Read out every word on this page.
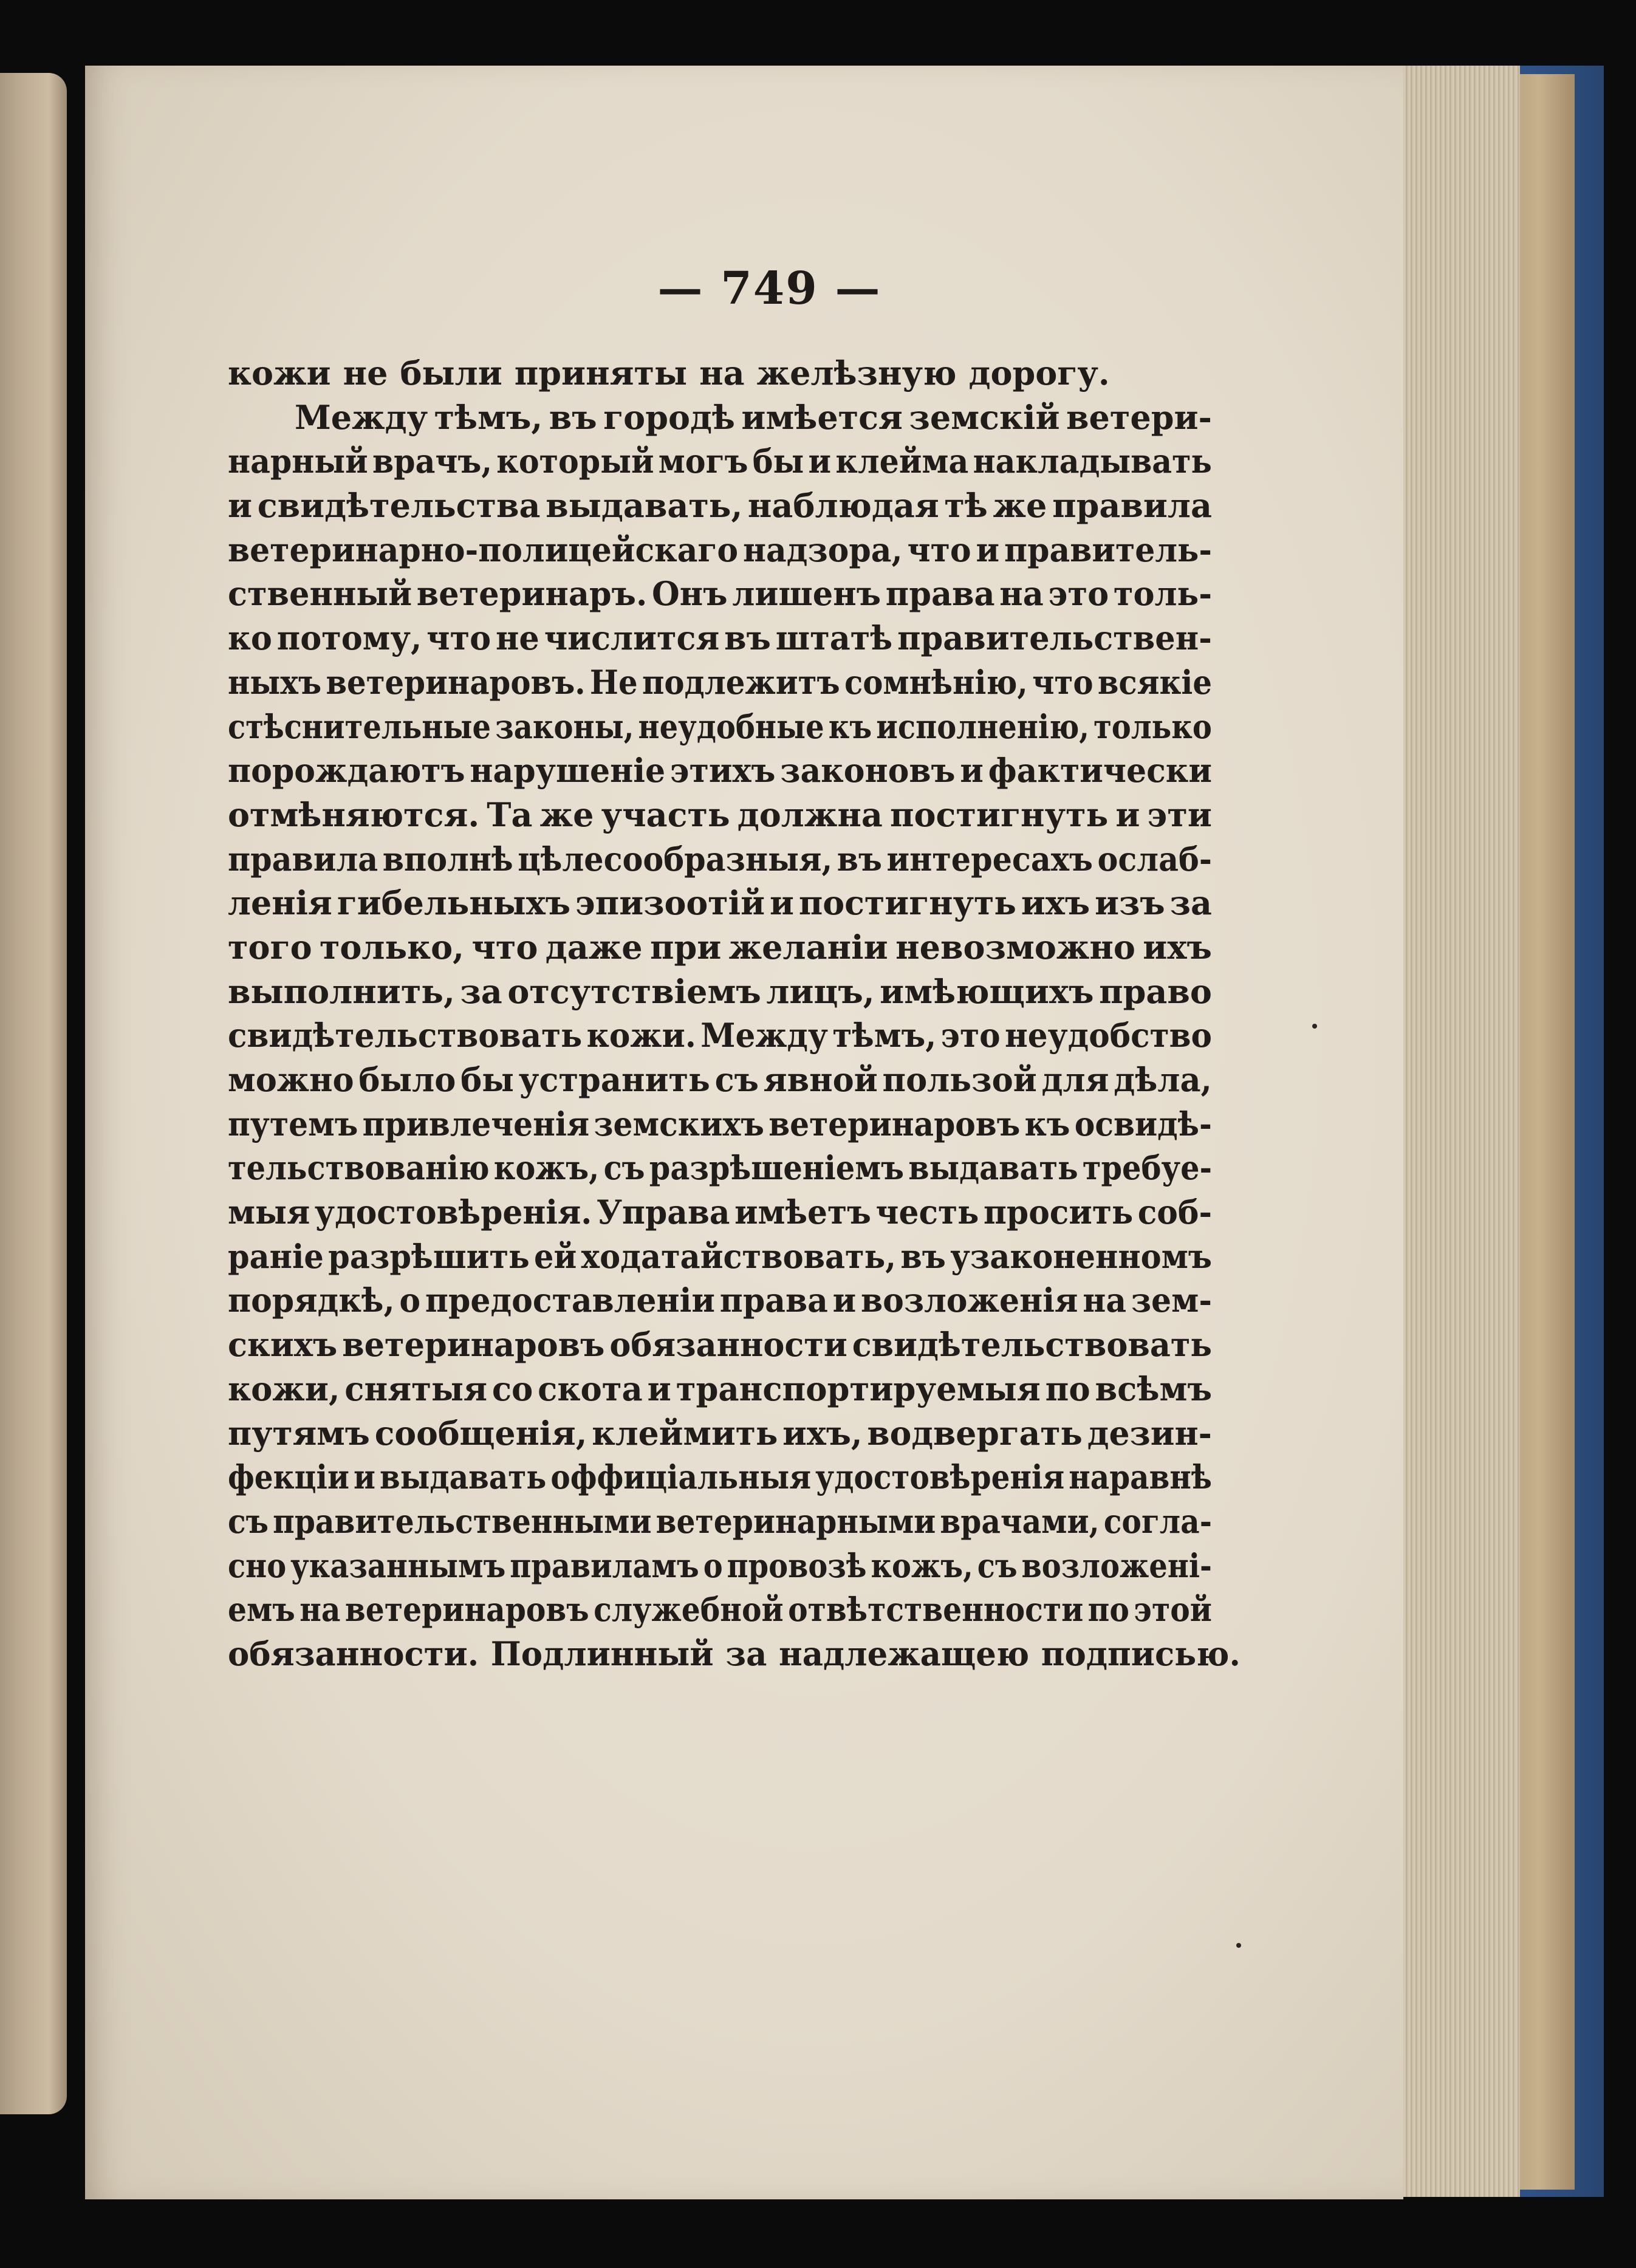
— 749 —
кожи не были приняты на желѣзную дорогу.
Между тѣмъ, въ городѣ имѣется земскій ветери-
нарный врачъ, который могъ бы и клейма накладывать
и свидѣтельства выдавать, наблюдая тѣ же правила
ветеринарно-полицейскаго надзора, что и правитель-
ственный ветеринаръ. Онъ лишенъ права на это толь-
ко потому, что не числится въ штатѣ правительствен-
ныхъ ветеринаровъ. Не подлежитъ сомнѣнію, что всякіе
стѣснительные законы, неудобные къ исполненію, только
порождаютъ нарушеніе этихъ законовъ и фактически
отмѣняются. Та же участь должна постигнуть и эти
правила вполнѣ цѣлесообразныя, въ интересахъ ослаб-
ленія гибельныхъ эпизоотій и постигнуть ихъ изъ за
того только, что даже при желаніи невозможно ихъ
выполнить, за отсутствіемъ лицъ, имѣющихъ право
свидѣтельствовать кожи. Между тѣмъ, это неудобство
можно было бы устранить съ явной пользой для дѣла,
путемъ привлеченія земскихъ ветеринаровъ къ освидѣ-
тельствованію кожъ, съ разрѣшеніемъ выдавать требуе-
мыя удостовѣренія. Управа имѣетъ честь просить соб-
раніе разрѣшить ей ходатайствовать, въ узаконенномъ
порядкѣ, о предоставленіи права и возложенія на зем-
скихъ ветеринаровъ обязанности свидѣтельствовать
кожи, снятыя со скота и транспортируемыя по всѣмъ
путямъ сообщенія, клеймить ихъ, водвергать дезин-
фекціи и выдавать оффиціальныя удостовѣренія наравнѣ
съ правительственными ветеринарными врачами, согла-
сно указаннымъ правиламъ о провозѣ кожъ, съ возложені-
емъ на ветеринаровъ служебной отвѣтственности по этой
обязанности. Подлинный за надлежащею подписью.
